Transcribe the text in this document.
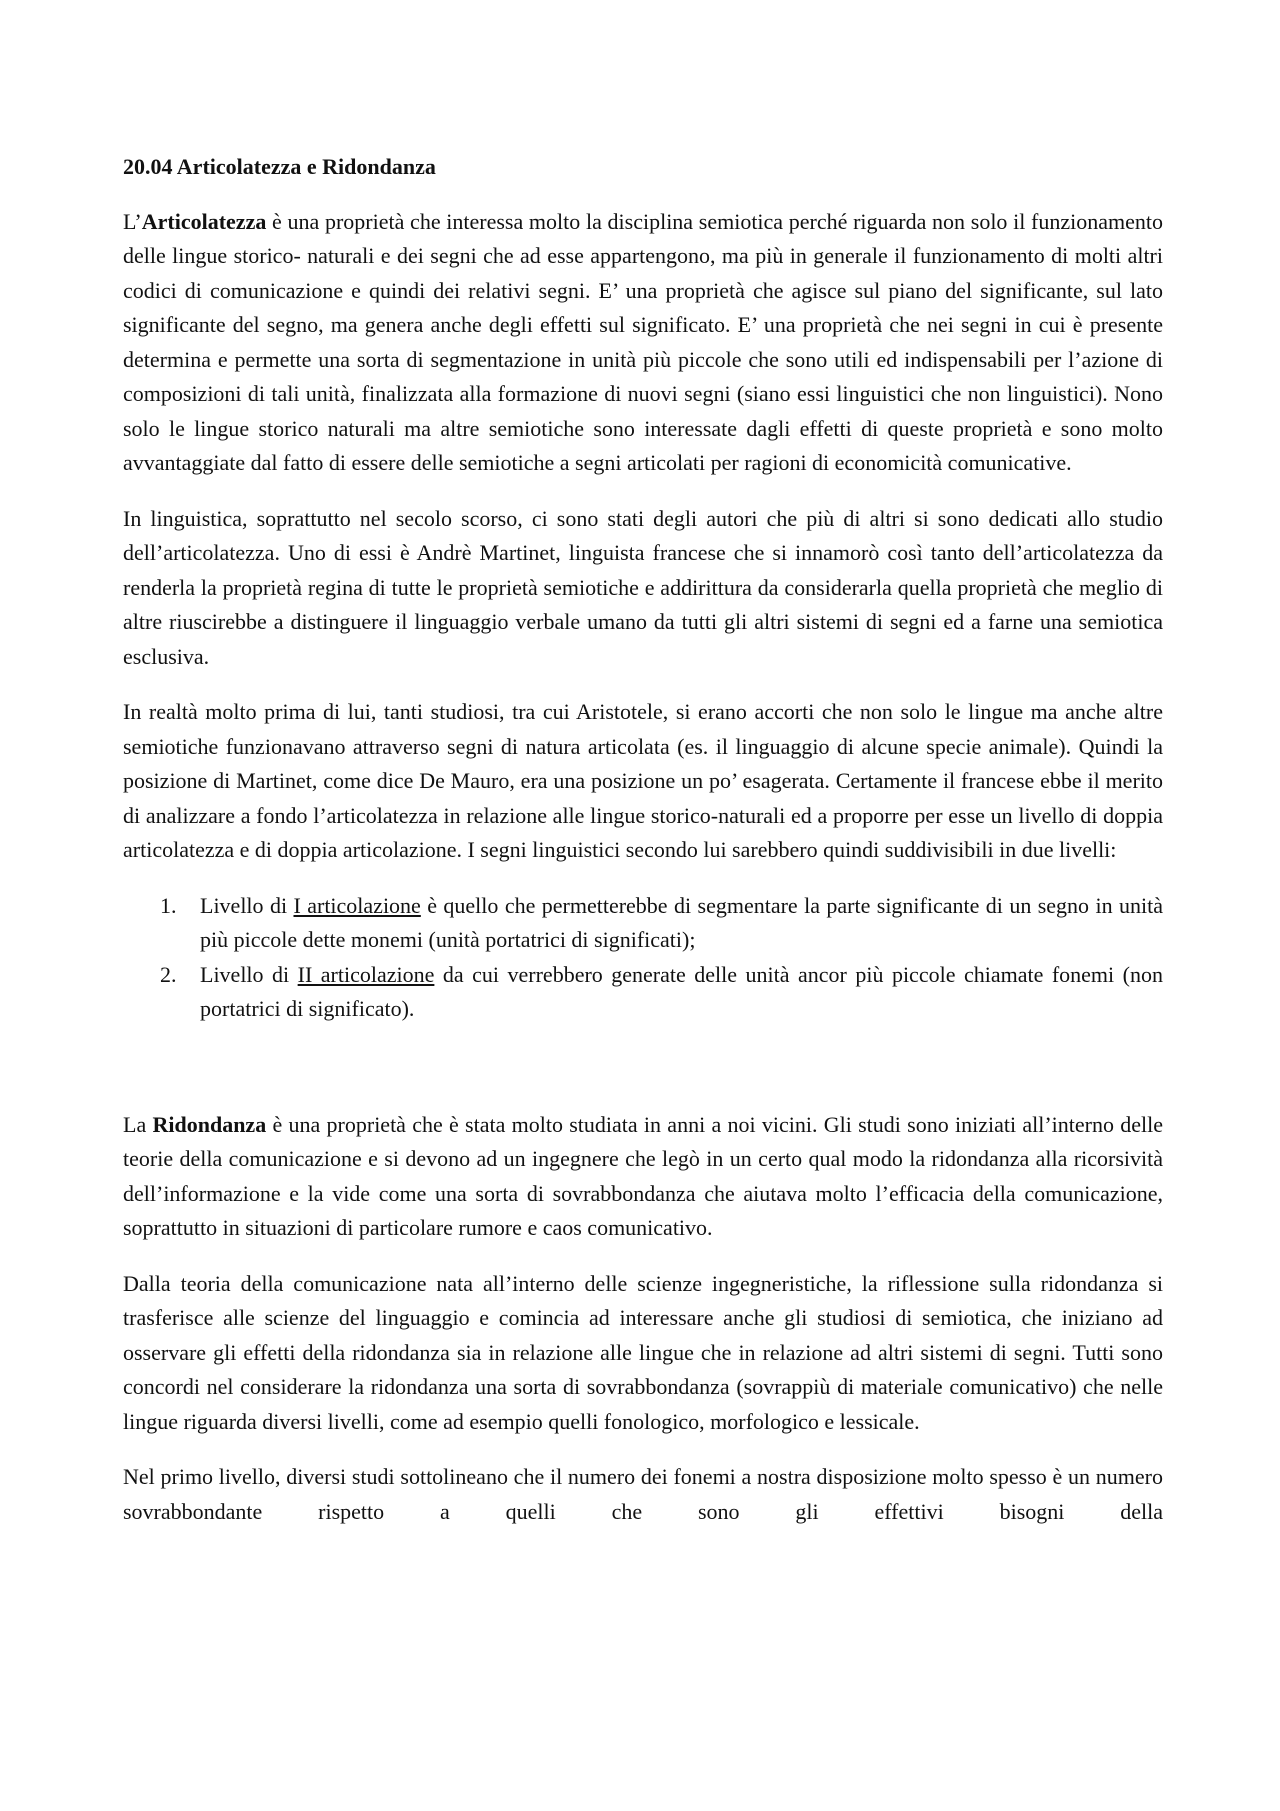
20.04 Articolatezza e Ridondanza

L’Articolatezza è una proprietà che interessa molto la disciplina semiotica perché riguarda non solo il funzionamento delle lingue storico- naturali e dei segni che ad esse appartengono, ma più in generale il funzionamento di molti altri codici di comunicazione e quindi dei relativi segni. E’ una proprietà che agisce sul piano del significante, sul lato significante del segno, ma genera anche degli effetti sul significato. E’ una proprietà che nei segni in cui è presente determina e permette una sorta di segmentazione in unità più piccole che sono utili ed indispensabili per l’azione di composizioni di tali unità, finalizzata alla formazione di nuovi segni (siano essi linguistici che non linguistici). Nono solo le lingue storico naturali ma altre semiotiche sono interessate dagli effetti di queste proprietà e sono molto avvantaggiate dal fatto di essere delle semiotiche a segni articolati per ragioni di economicità comunicative.

In linguistica, soprattutto nel secolo scorso, ci sono stati degli autori che più di altri si sono dedicati allo studio dell’articolatezza. Uno di essi è Andrè Martinet, linguista francese che si innamorò così tanto dell’articolatezza da renderla la proprietà regina di tutte le proprietà semiotiche e addirittura da considerarla quella proprietà che meglio di altre riuscirebbe a distinguere il linguaggio verbale umano da tutti gli altri sistemi di segni ed a farne una semiotica esclusiva.

In realtà molto prima di lui, tanti studiosi, tra cui Aristotele, si erano accorti che non solo le lingue ma anche altre semiotiche funzionavano attraverso segni di natura articolata (es. il linguaggio di alcune specie animale). Quindi la posizione di Martinet, come dice De Mauro, era una posizione un po’ esagerata. Certamente il francese ebbe il merito di analizzare a fondo l’articolatezza in relazione alle lingue storico-naturali ed a proporre per esse un livello di doppia articolatezza e di doppia articolazione. I segni linguistici secondo lui sarebbero quindi suddivisibili in due livelli:

1. Livello di I articolazione è quello che permetterebbe di segmentare la parte significante di un segno in unità più piccole dette monemi (unità portatrici di significati);
2. Livello di II articolazione da cui verrebbero generate delle unità ancor più piccole chiamate fonemi (non portatrici di significato).

La Ridondanza è una proprietà che è stata molto studiata in anni a noi vicini. Gli studi sono iniziati all’interno delle teorie della comunicazione e si devono ad un ingegnere che legò in un certo qual modo la ridondanza alla ricorsività dell’informazione e la vide come una sorta di sovrabbondanza che aiutava molto l’efficacia della comunicazione, soprattutto in situazioni di particolare rumore e caos comunicativo.

Dalla teoria della comunicazione nata all’interno delle scienze ingegneristiche, la riflessione sulla ridondanza si trasferisce alle scienze del linguaggio e comincia ad interessare anche gli studiosi di semiotica, che iniziano ad osservare gli effetti della ridondanza sia in relazione alle lingue che in relazione ad altri sistemi di segni. Tutti sono concordi nel considerare la ridondanza una sorta di sovrabbondanza (sovrappiù di materiale comunicativo) che nelle lingue riguarda diversi livelli, come ad esempio quelli fonologico, morfologico e lessicale.

Nel primo livello, diversi studi sottolineano che il numero dei fonemi a nostra disposizione molto spesso è un numero sovrabbondante rispetto a quelli che sono gli effettivi bisogni della
